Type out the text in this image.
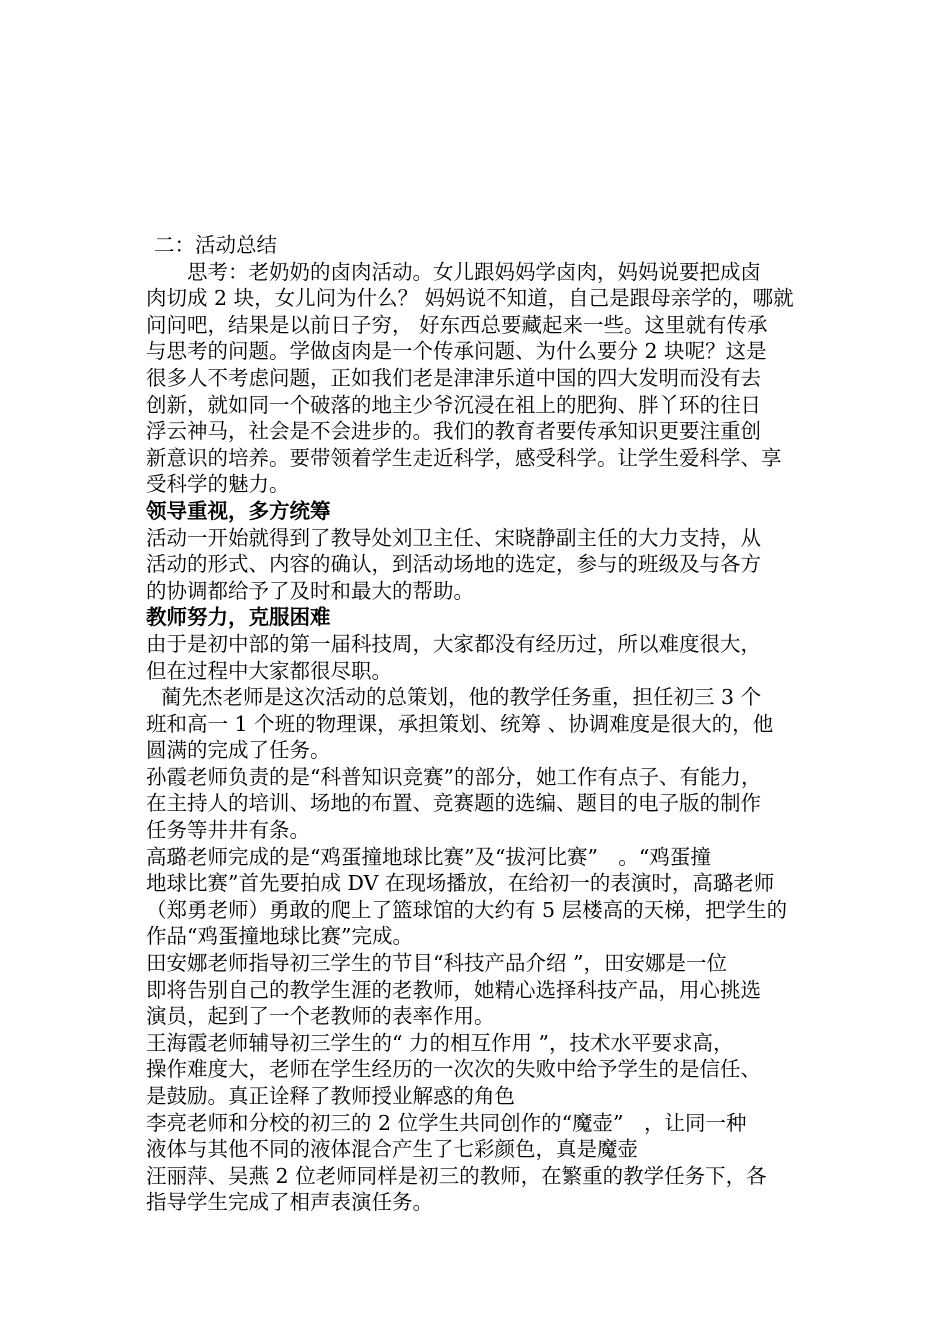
二：活动总结
思考：老奶奶的卤肉活动。女儿跟妈妈学卤肉，妈妈说要把成卤
肉切成 2 块，女儿问为什么？ 妈妈说不知道，自己是跟母亲学的，哪就
问问吧，结果是以前日子穷， 好东西总要藏起来一些。这里就有传承
与思考的问题。学做卤肉是一个传承问题、为什么要分 2 块呢？这是
很多人不考虑问题，正如我们老是津津乐道中国的四大发明而没有去
创新，就如同一个破落的地主少爷沉浸在祖上的肥狗、胖丫环的往日
浮云神马，社会是不会进步的。我们的教育者要传承知识更要注重创
新意识的培养。要带领着学生走近科学，感受科学。让学生爱科学、享
受科学的魅力。
领导重视，多方统筹
活动一开始就得到了教导处刘卫主任、宋晓静副主任的大力支持，从
活动的形式、内容的确认，到活动场地的选定，参与的班级及与各方
的协调都给予了及时和最大的帮助。
教师努力，克服困难
由于是初中部的第一届科技周，大家都没有经历过，所以难度很大，
但在过程中大家都很尽职。
蔺先杰老师是这次活动的总策划，他的教学任务重，担任初三 3 个
班和高一 1 个班的物理课，承担策划、统筹 、协调难度是很大的，他
圆满的完成了任务。
孙霞老师负责的是“科普知识竞赛”的部分，她工作有点子、有能力，
在主持人的培训、场地的布置、竞赛题的选编、题目的电子版的制作
任务等井井有条。
高璐老师完成的是“鸡蛋撞地球比赛”及“拔河比赛”　。“鸡蛋撞
地球比赛”首先要拍成 DV 在现场播放，在给初一的表演时，高璐老师
（郑勇老师）勇敢的爬上了篮球馆的大约有 5 层楼高的天梯，把学生的
作品“鸡蛋撞地球比赛”完成。
田安娜老师指导初三学生的节目“科技产品介绍 ”，田安娜是一位
即将告别自己的教学生涯的老教师，她精心选择科技产品，用心挑选
演员，起到了一个老教师的表率作用。
王海霞老师辅导初三学生的“ 力的相互作用 ”，技术水平要求高，
操作难度大，老师在学生经历的一次次的失败中给予学生的是信任、
是鼓励。真正诠释了教师授业解惑的角色
李亮老师和分校的初三的 2 位学生共同创作的“魔壶”　，让同一种
液体与其他不同的液体混合产生了七彩颜色，真是魔壶
汪丽萍、吴燕 2 位老师同样是初三的教师，在繁重的教学任务下，各
指导学生完成了相声表演任务。
